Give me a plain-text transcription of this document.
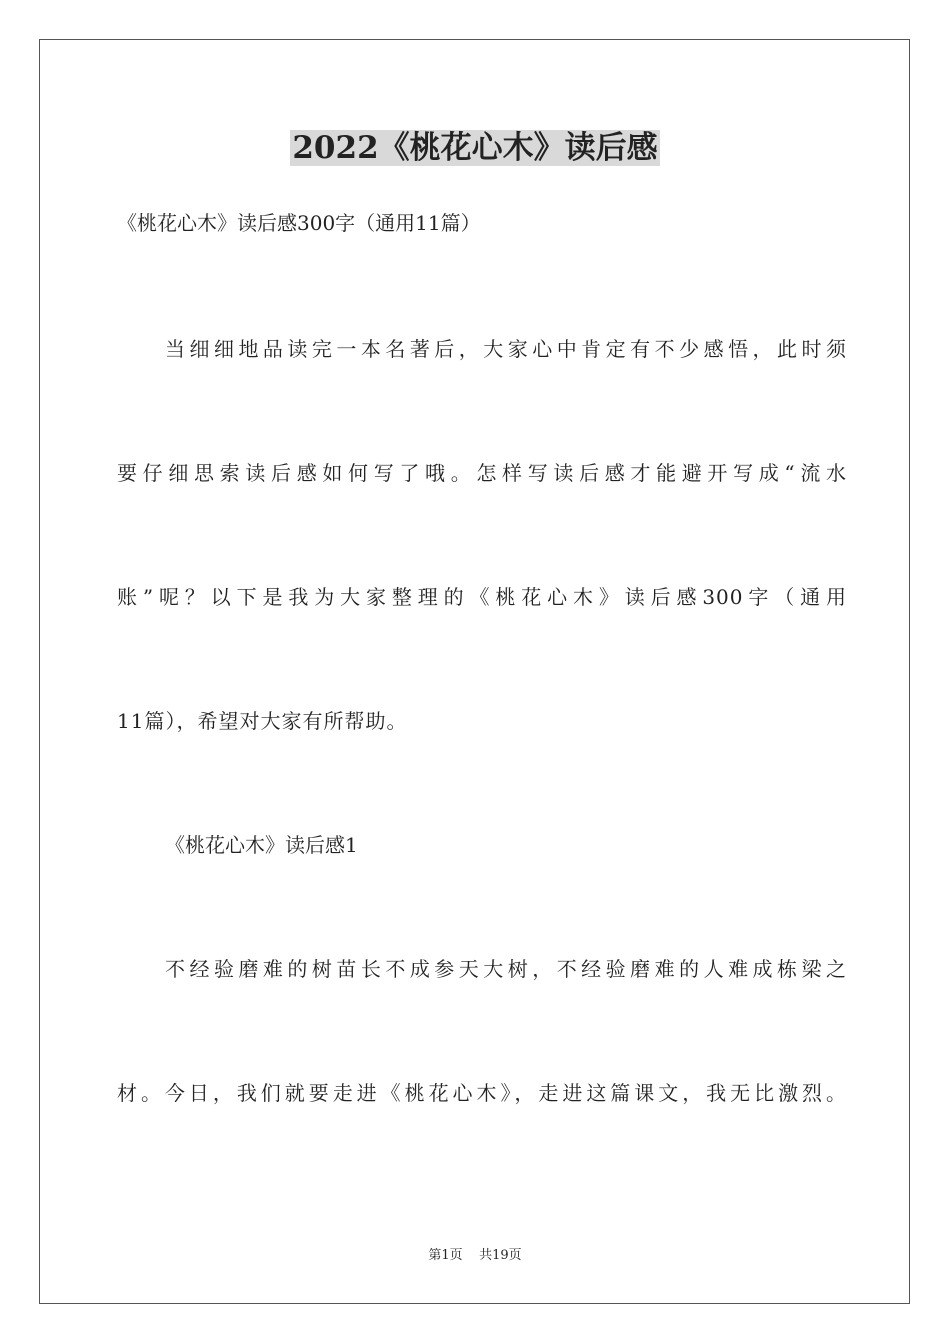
2022《桃花心木》读后感
《桃花心木》读后感300字（通用11篇）
当细细地品读完一本名著后，大家心中肯定有不少感悟，此时须
要仔细思索读后感如何写了哦。怎样写读后感才能避开写成“流水
账”呢？以下是我为大家整理的《桃花心木》读后感300字（通用
11篇），希望对大家有所帮助。
《桃花心木》读后感1
不经验磨难的树苗长不成参天大树，不经验磨难的人难成栋梁之
材。今日，我们就要走进《桃花心木》，走进这篇课文，我无比激烈。
第1页    共19页
